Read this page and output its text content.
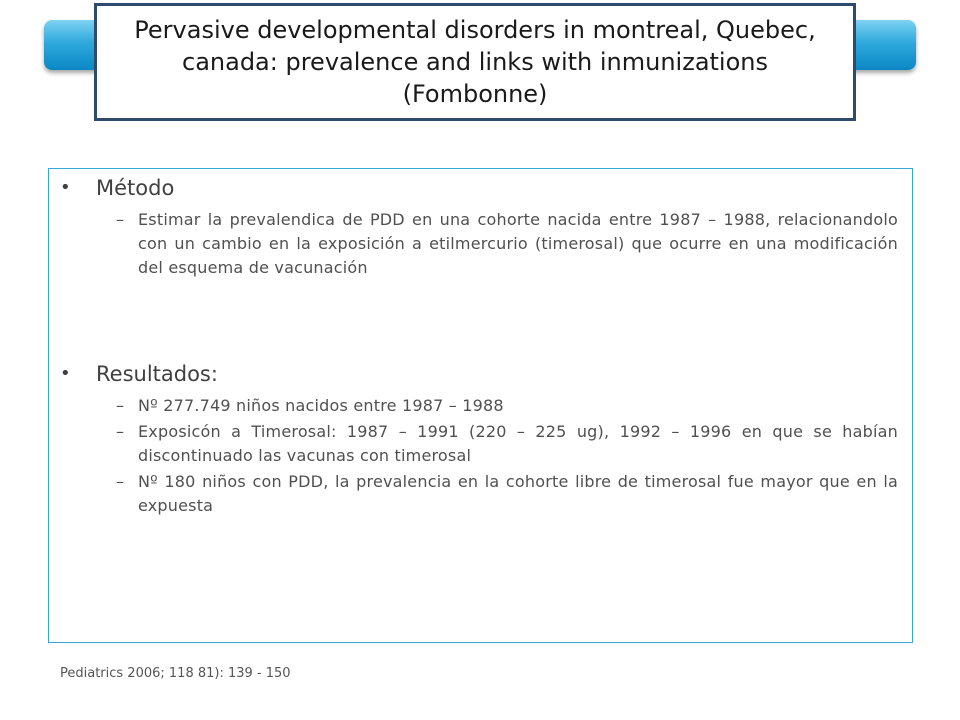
Pervasive developmental disorders in montreal, Quebec, canada: prevalence and links with inmunizations (Fombonne)
• Método
– Estimar la prevalendica de PDD en una cohorte nacida entre 1987 – 1988, relacionandolo con un cambio en la exposición a etilmercurio (timerosal) que ocurre en una modificación del esquema de vacunación
• Resultados:
– Nº 277.749 niños nacidos entre 1987 – 1988
– Exposicón a Timerosal: 1987 – 1991 (220 – 225 ug), 1992 – 1996 en que se habían discontinuado las vacunas con timerosal
– Nº 180 niños con PDD, la prevalencia en la cohorte libre de timerosal fue mayor que en la expuesta
Pediatrics 2006; 118 81): 139 - 150
